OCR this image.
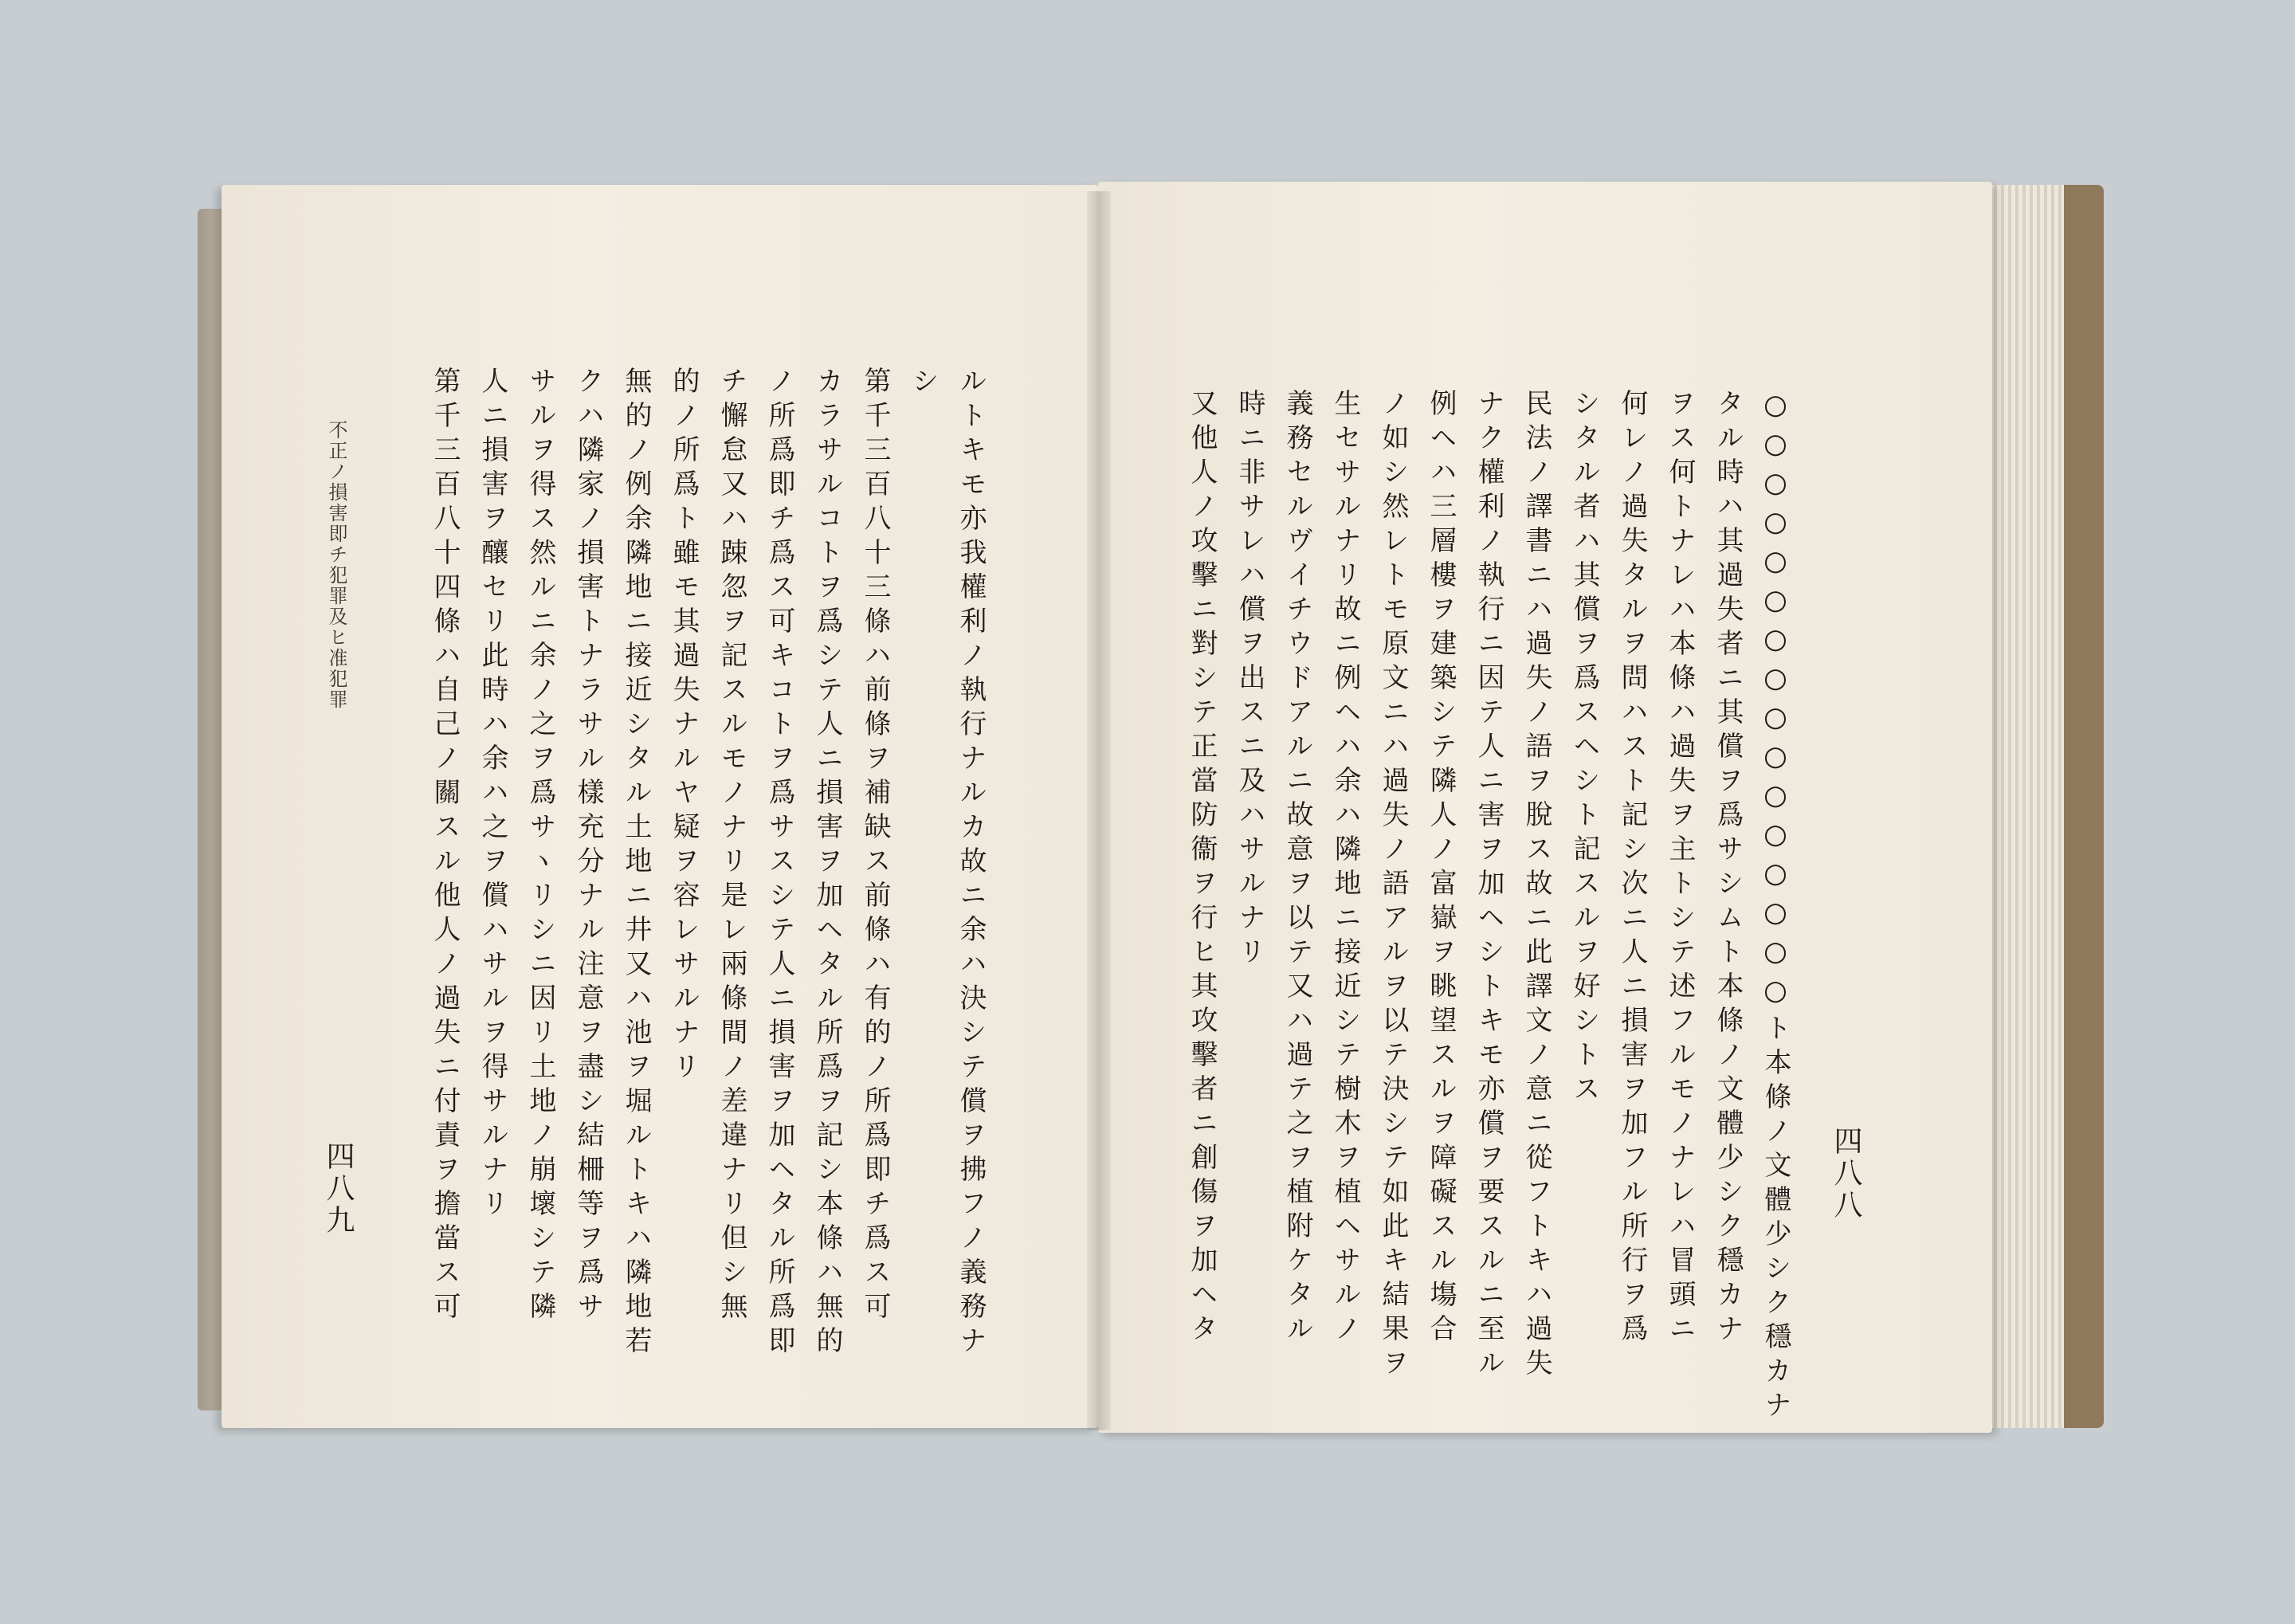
不正ノ損害即チ犯罪及ヒ准犯罪
四八九	ルトキモ亦我權利ノ執行ナルカ故ニ余ハ決シテ償ヲ拂フノ義務ナ
シ
第千三百八十三條ハ前條ヲ補缺ス前條ハ有的ノ所爲即チ爲ス可
カラサルコトヲ爲シテ人ニ損害ヲ加ヘタル所爲ヲ記シ本條ハ無的
ノ所爲即チ爲ス可キコトヲ爲サスシテ人ニ損害ヲ加ヘタル所爲即
チ懈怠又ハ踈忽ヲ記スルモノナリ是レ兩條間ノ差違ナリ但シ無
的ノ所爲ト雖モ其過失ナルヤ疑ヲ容レサルナリ
無的ノ例余隣地ニ接近シタル土地ニ井又ハ池ヲ堀ルトキハ隣地若
クハ隣家ノ損害トナラサル樣充分ナル注意ヲ盡シ結柵等ヲ爲サ
サルヲ得ス然ルニ余ノ之ヲ爲サヽリシニ因リ土地ノ崩壞シテ隣
人ニ損害ヲ釀セリ此時ハ余ハ之ヲ償ハサルヲ得サルナリ
第千三百八十四條ハ自己ノ關スル他人ノ過失ニ付責ヲ擔當ス可	四八八
○○○○○○○○○○○○○○○○ト本條ノ文體少シク穩カナ
タル時ハ其過失者ニ其償ヲ爲サシムト本條ノ文體少シク穩カナ
ヲス何トナレハ本條ハ過失ヲ主トシテ述フルモノナレハ冒頭ニ
何レノ過失タルヲ問ハスト記シ次ニ人ニ損害ヲ加フル所行ヲ爲
シタル者ハ其償ヲ爲スヘシト記スルヲ好シトス
民法ノ譯書ニハ過失ノ語ヲ脫ス故ニ此譯文ノ意ニ從フトキハ過失
ナク權利ノ執行ニ因テ人ニ害ヲ加ヘシトキモ亦償ヲ要スルニ至ル
例ヘハ三層樓ヲ建築シテ隣人ノ富嶽ヲ眺望スルヲ障礙スル塲合
ノ如シ然レトモ原文ニハ過失ノ語アルヲ以テ決シテ如此キ結果ヲ
生セサルナリ故ニ例ヘハ余ハ隣地ニ接近シテ樹木ヲ植ヘサルノ
義務セルヴイチウドアルニ故意ヲ以テ又ハ過テ之ヲ植附ケタル
時ニ非サレハ償ヲ出スニ及ハサルナリ
又他人ノ攻擊ニ對シテ正當防衞ヲ行ヒ其攻擊者ニ創傷ヲ加ヘタ
